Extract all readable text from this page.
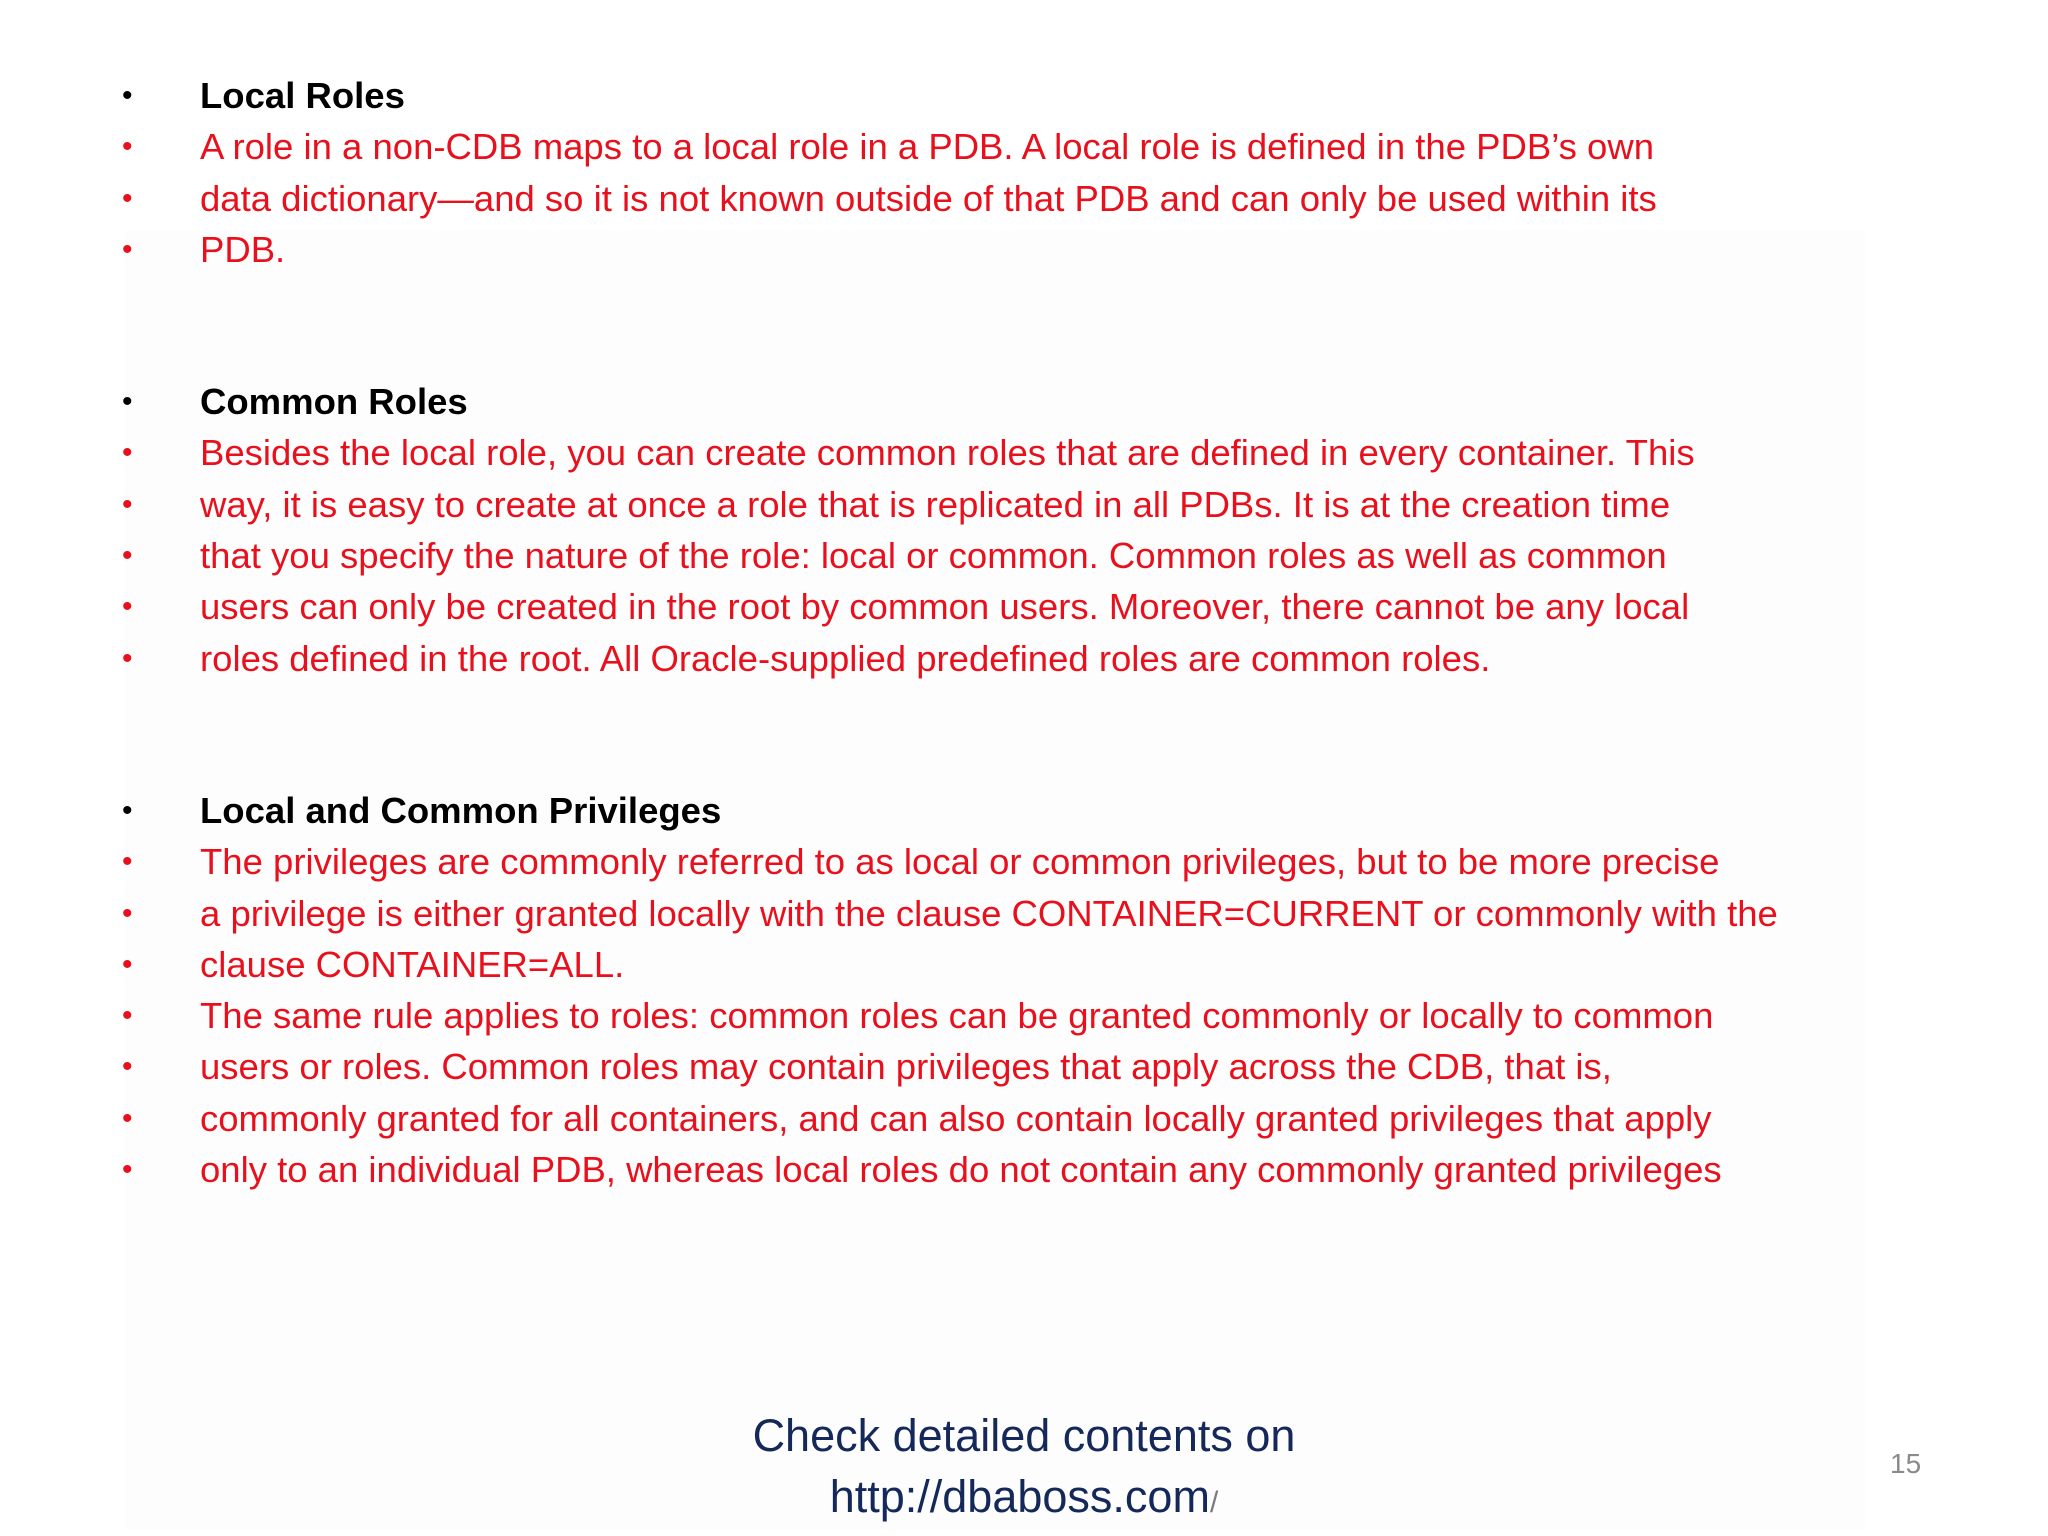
• Local Roles
• A role in a non-CDB maps to a local role in a PDB. A local role is defined in the PDB’s own
• data dictionary—and so it is not known outside of that PDB and can only be used within its
• PDB.
• Common Roles
• Besides the local role, you can create common roles that are defined in every container. This
• way, it is easy to create at once a role that is replicated in all PDBs. It is at the creation time
• that you specify the nature of the role: local or common. Common roles as well as common
• users can only be created in the root by common users. Moreover, there cannot be any local
• roles defined in the root. All Oracle-supplied predefined roles are common roles.
• Local and Common Privileges
• The privileges are commonly referred to as local or common privileges, but to be more precise
• a privilege is either granted locally with the clause CONTAINER=CURRENT or commonly with the
• clause CONTAINER=ALL.
• The same rule applies to roles: common roles can be granted commonly or locally to common
• users or roles. Common roles may contain privileges that apply across the CDB, that is,
• commonly granted for all containers, and can also contain locally granted privileges that apply
• only to an individual PDB, whereas local roles do not contain any commonly granted privileges
Check detailed contents on
http://dbaboss.com/
15
